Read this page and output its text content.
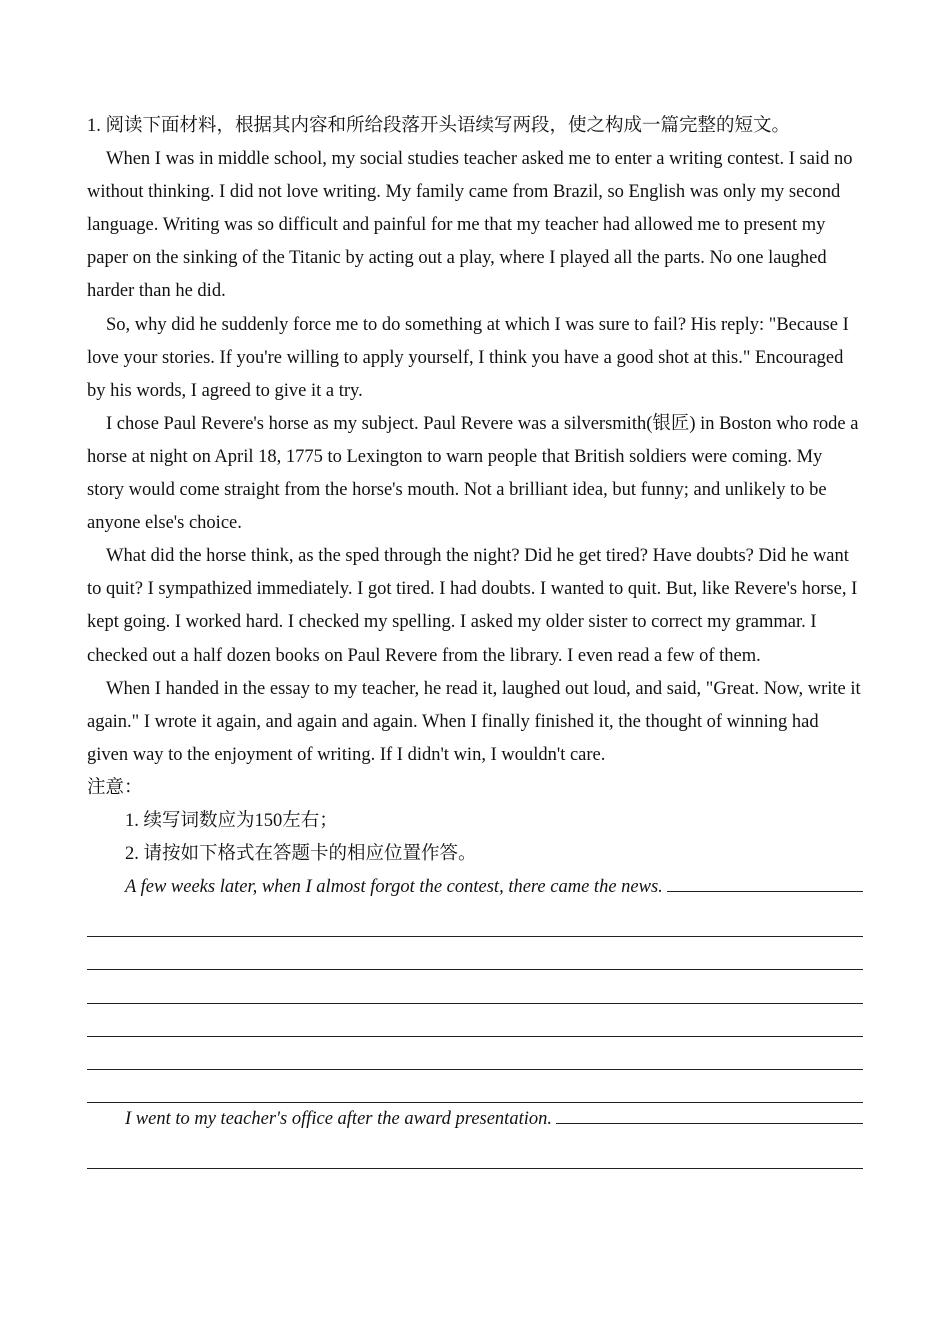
1. 阅读下面材料，根据其内容和所给段落开头语续写两段，使之构成一篇完整的短文。

When I was in middle school, my social studies teacher asked me to enter a writing contest. I said no without thinking. I did not love writing. My family came from Brazil, so English was only my second language. Writing was so difficult and painful for me that my teacher had allowed me to present my paper on the sinking of the Titanic by acting out a play, where I played all the parts. No one laughed harder than he did.

So, why did he suddenly force me to do something at which I was sure to fail? His reply: "Because I love your stories. If you're willing to apply yourself, I think you have a good shot at this." Encouraged by his words, I agreed to give it a try.

I chose Paul Revere's horse as my subject. Paul Revere was a silversmith(银匠) in Boston who rode a horse at night on April 18, 1775 to Lexington to warn people that British soldiers were coming. My story would come straight from the horse's mouth. Not a brilliant idea, but funny; and unlikely to be anyone else's choice.

What did the horse think, as the sped through the night? Did he get tired? Have doubts? Did he want to quit? I sympathized immediately. I got tired. I had doubts. I wanted to quit. But, like Revere's horse, I kept going. I worked hard. I checked my spelling. I asked my older sister to correct my grammar. I checked out a half dozen books on Paul Revere from the library. I even read a few of them.

When I handed in the essay to my teacher, he read it, laughed out loud, and said, "Great. Now, write it again." I wrote it again, and again and again. When I finally finished it, the thought of winning had given way to the enjoyment of writing. If I didn't win, I wouldn't care.

注意：

1. 续写词数应为150左右；

2. 请按如下格式在答题卡的相应位置作答。

A few weeks later, when I almost forgot the contest, there came the news.
I went to my teacher's office after the award presentation.
